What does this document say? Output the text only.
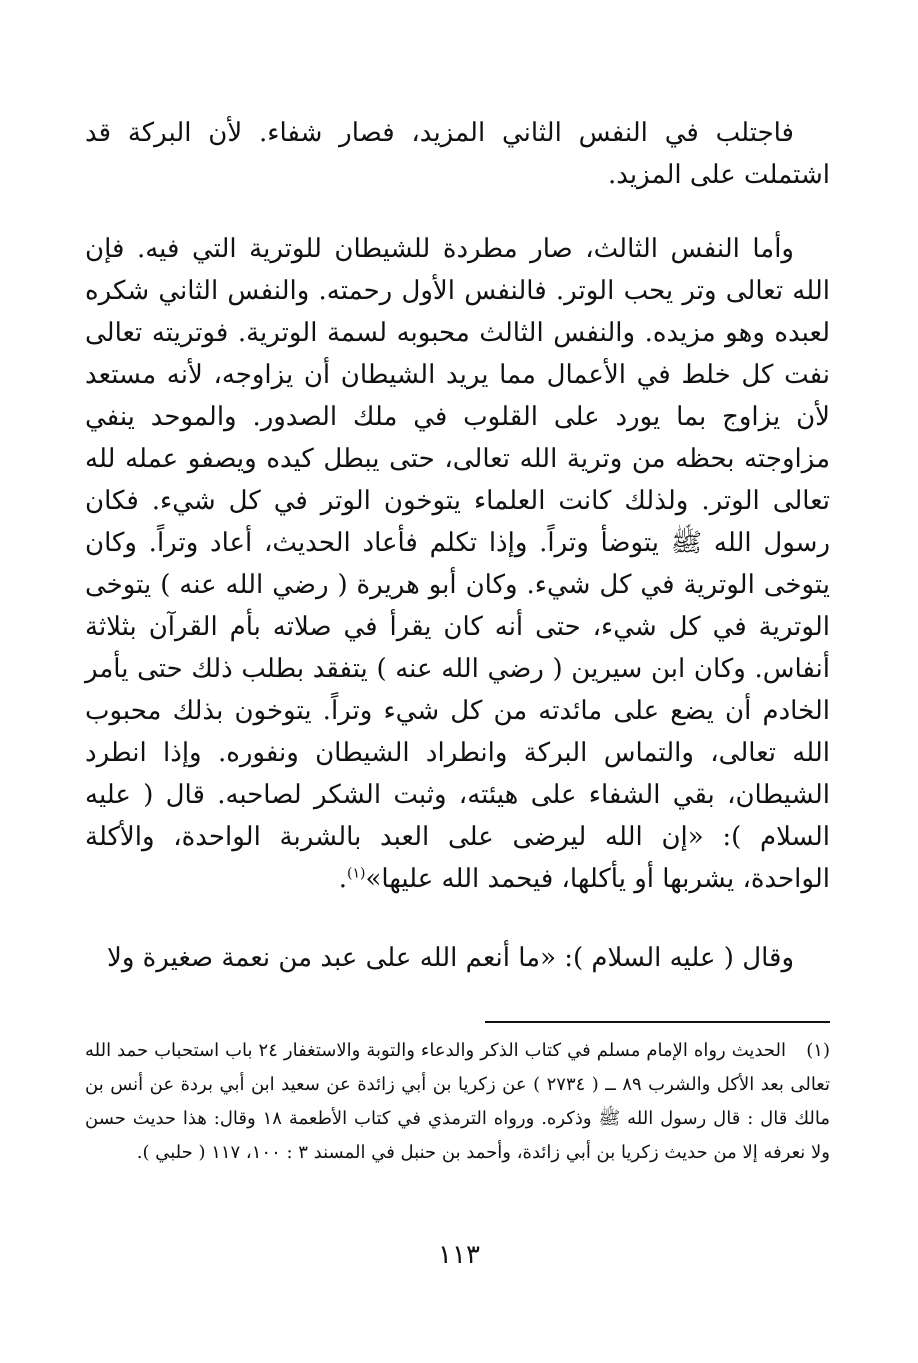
فاجتلب في النفس الثاني المزيد، فصار شفاء. لأن البركة قد اشتملت على المزيد.

وأما النفس الثالث، صار مطردة للشيطان للوترية التي فيه. فإن الله تعالى وتر يحب الوتر. فالنفس الأول رحمته. والنفس الثاني شكره لعبده وهو مزيده. والنفس الثالث محبوبه لسمة الوترية. فوتريته تعالى نفت كل خلط في الأعمال مما يريد الشيطان أن يزاوجه، لأنه مستعد لأن يزاوج بما يورد على القلوب في ملك الصدور. والموحد ينفي مزاوجته بحظه من وترية الله تعالى، حتى يبطل كيده ويصفو عمله لله تعالى الوتر. ولذلك كانت العلماء يتوخون الوتر في كل شيء. فكان رسول الله ﷺ يتوضأ وتراً. وإذا تكلم فأعاد الحديث، أعاد وتراً. وكان يتوخى الوترية في كل شيء. وكان أبو هريرة ( رضي الله عنه ) يتوخى الوترية في كل شيء، حتى أنه كان يقرأ في صلاته بأم القرآن بثلاثة أنفاس. وكان ابن سيرين ( رضي الله عنه ) يتفقد بطلب ذلك حتى يأمر الخادم أن يضع على مائدته من كل شيء وتراً. يتوخون بذلك محبوب الله تعالى، والتماس البركة وانطراد الشيطان ونفوره. وإذا انطرد الشيطان، بقي الشفاء على هيئته، وثبت الشكر لصاحبه. قال ( عليه السلام ): «إن الله ليرضى على العبد بالشربة الواحدة، والأكلة الواحدة، يشربها أو يأكلها، فيحمد الله عليها»$^{(١)}$.

وقال ( عليه السلام ): «ما أنعم الله على عبد من نعمة صغيرة ولا

(١)الحديث رواه الإمام مسلم في كتاب الذكر والدعاء والتوبة والاستغفار ٢٤ باب استحباب حمد الله تعالى بعد الأكل والشرب ٨٩ ــ ( ٢٧٣٤ ) عن زكريا بن أبي زائدة عن سعيد ابن أبي بردة عن أنس بن مالك قال : قال رسول الله ﷺ وذكره. ورواه الترمذي في كتاب الأطعمة ١٨ وقال: هذا حديث حسن ولا نعرفه إلا من حديث زكريا بن أبي زائدة، وأحمد بن حنبل في المسند ٣ : ١٠٠، ١١٧ ( حلبي ).
١١٣
